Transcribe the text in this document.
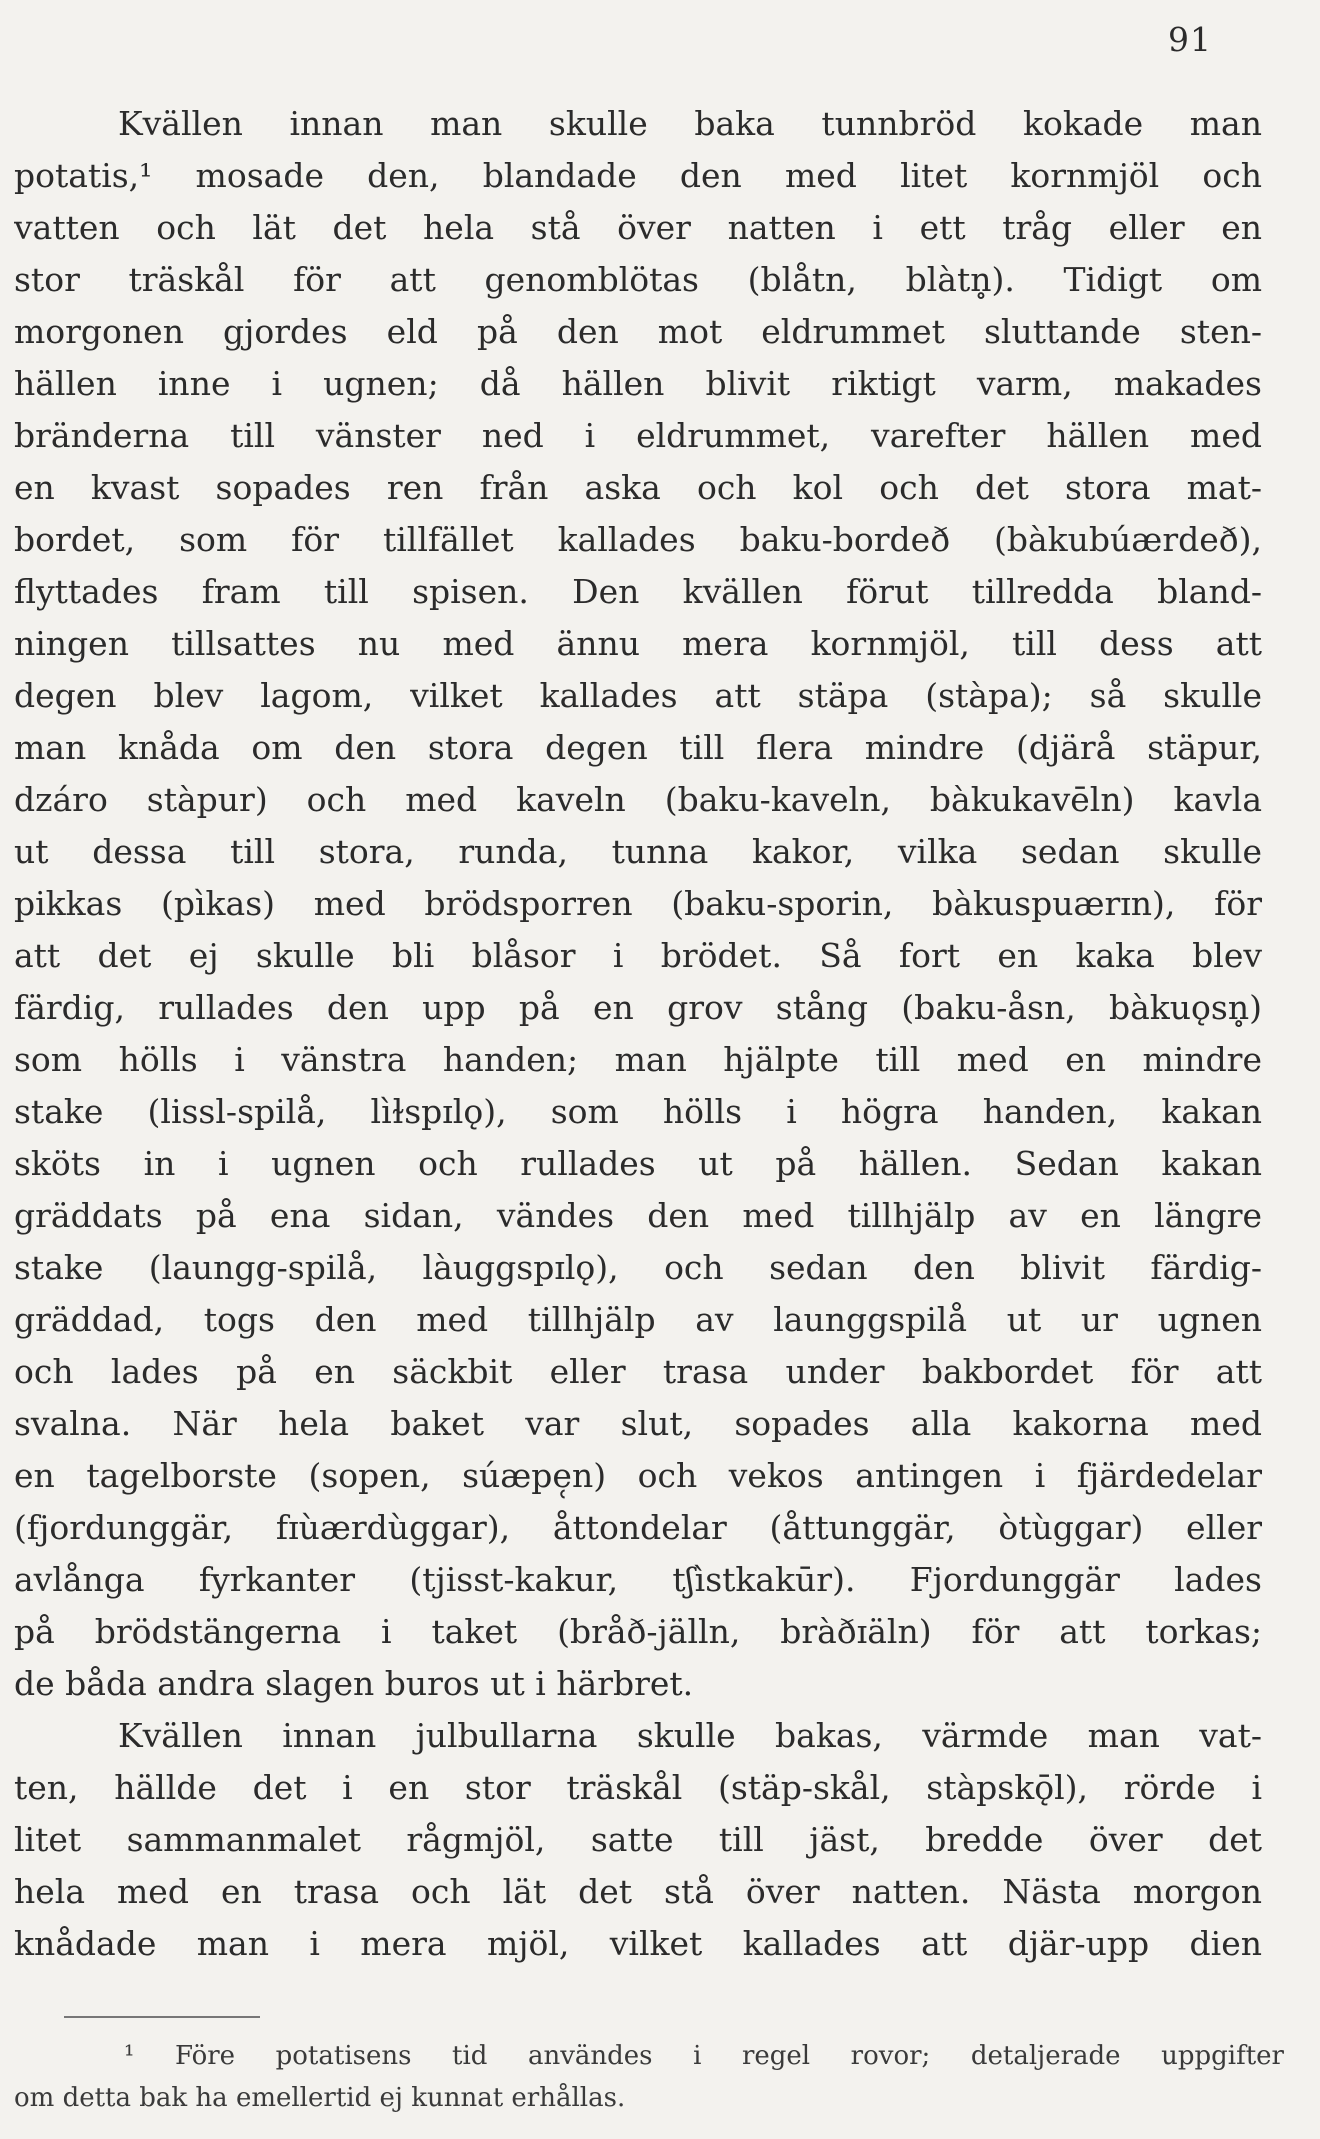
91

Kvällen innan man skulle baka tunnbröd kokade man

potatis,¹ mosade den, blandade den med litet kornmjöl och

vatten och lät det hela stå över natten i ett tråg eller en

stor träskål för att genomblötas (blåtn, blàtn̥). Tidigt om

morgonen gjordes eld på den mot eldrummet sluttande sten-

hällen inne i ugnen; då hällen blivit riktigt varm, makades

bränderna till vänster ned i eldrummet, varefter hällen med

en kvast sopades ren från aska och kol och det stora mat-

bordet, som för tillfället kallades baku-bordeð (bàkubúærdeð),

flyttades fram till spisen. Den kvällen förut tillredda bland-

ningen tillsattes nu med ännu mera kornmjöl, till dess att

degen blev lagom, vilket kallades att stäpa (stàpa); så skulle

man knåda om den stora degen till flera mindre (djärå stäpur,

dzáro stàpur) och med kaveln (baku-kaveln, bàkukavēln) kavla

ut dessa till stora, runda, tunna kakor, vilka sedan skulle

pikkas (pìkas) med brödsporren (baku-sporin, bàkuspuærɪn), för

att det ej skulle bli blåsor i brödet. Så fort en kaka blev

färdig, rullades den upp på en grov stång (baku-åsn, bàkuǫsn̥)

som hölls i vänstra handen; man hjälpte till med en mindre

stake (lissl-spilå, lìɫspɪlǫ), som hölls i högra handen, kakan

sköts in i ugnen och rullades ut på hällen. Sedan kakan

gräddats på ena sidan, vändes den med tillhjälp av en längre

stake (laungg-spilå, làuggspɪlǫ), och sedan den blivit färdig-

gräddad, togs den med tillhjälp av launggspilå ut ur ugnen

och lades på en säckbit eller trasa under bakbordet för att

svalna. När hela baket var slut, sopades alla kakorna med

en tagelborste (sopen, súæpe̜n) och vekos antingen i fjärdedelar

(fjordunggär, fɪùærdùggar), åttondelar (åttunggär, òtùggar) eller

avlånga fyrkanter (tjisst-kakur, tʃìstkakūr). Fjordunggär lades

på brödstängerna i taket (bråð-jälln, bràðɪäln) för att torkas;

de båda andra slagen buros ut i härbret.

Kvällen innan julbullarna skulle bakas, värmde man vat-

ten, hällde det i en stor träskål (stäp-skål, stàpskǭl), rörde i

litet sammanmalet rågmjöl, satte till jäst, bredde över det

hela med en trasa och lät det stå över natten. Nästa morgon

knådade man i mera mjöl, vilket kallades att djär-upp dien

¹ Före potatisens tid användes i regel rovor; detaljerade uppgifter

om detta bak ha emellertid ej kunnat erhållas.
